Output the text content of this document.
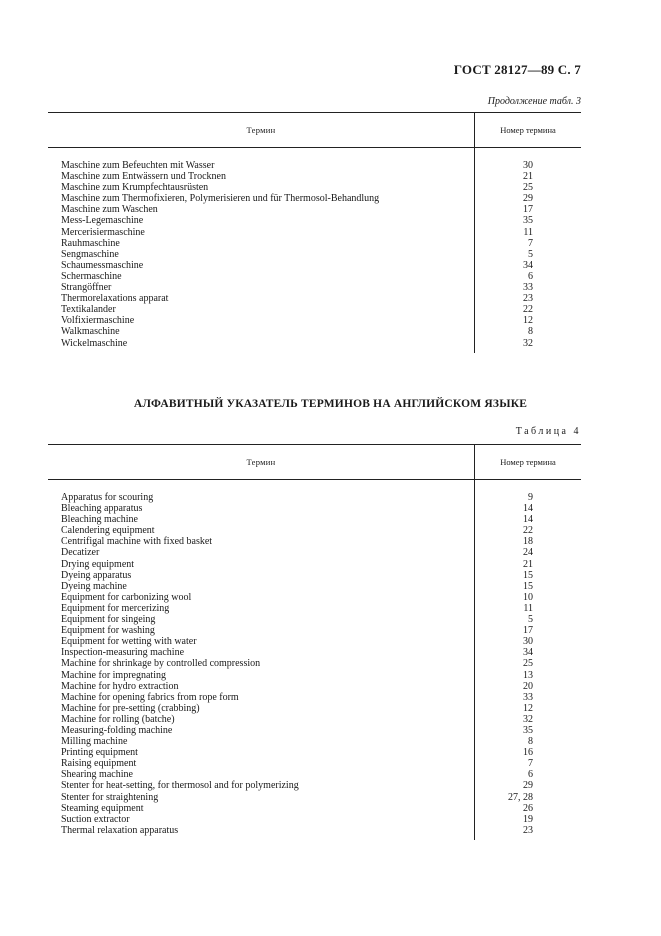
ГОСТ 28127—89 С. 7
Продолжение табл. 3
Термин	Номер термина
Maschine zum Befeuchten mit Wasser
Maschine zum Entwässern und Trocknen
Maschine zum Krumpfechtausrüsten
Maschine zum Thermofixieren, Polymerisieren und für Thermosol-Behandlung
Maschine zum Waschen
Mess-Legemaschine
Mercerisiermaschine
Rauhmaschine
Sengmaschine
Schaumessmaschine
Schermaschine
Strangöffner
Thermorelaxations apparat
Textikalander
Volfixiermaschine
Walkmaschine
Wickelmaschine
30
21
25
29
17
35
11
7
5
34
6
33
23
22
12
8
32
АЛФАВИТНЫЙ УКАЗАТЕЛЬ ТЕРМИНОВ НА АНГЛИЙСКОМ ЯЗЫКЕ
Таблица 4
Термин	Номер термина
Apparatus for scouring
Bleaching apparatus
Bleaching machine
Calendering equipment
Centrifigal machine with fixed basket
Decatizer
Drying equipment
Dyeing apparatus
Dyeing machine
Equipment for carbonizing wool
Equipment for mercerizing
Equipment for singeing
Equipment for washing
Equipment for wetting with water
Inspection-measuring machine
Machine for shrinkage by controlled compression
Machine for impregnating
Machine for hydro extraction
Machine for opening fabrics from rope form
Machine for pre-setting (crabbing)
Machine for rolling (batche)
Measuring-folding machine
Milling machine
Printing equipment
Raising equipment
Shearing machine
Stenter for heat-setting, for thermosol and for polymerizing
Stenter for straightening
Steaming equipment
Suction extractor
Thermal relaxation apparatus
9
14
14
22
18
24
21
15
15
10
11
5
17
30
34
25
13
20
33
12
32
35
8
16
7
6
29
27, 28
26
19
23
